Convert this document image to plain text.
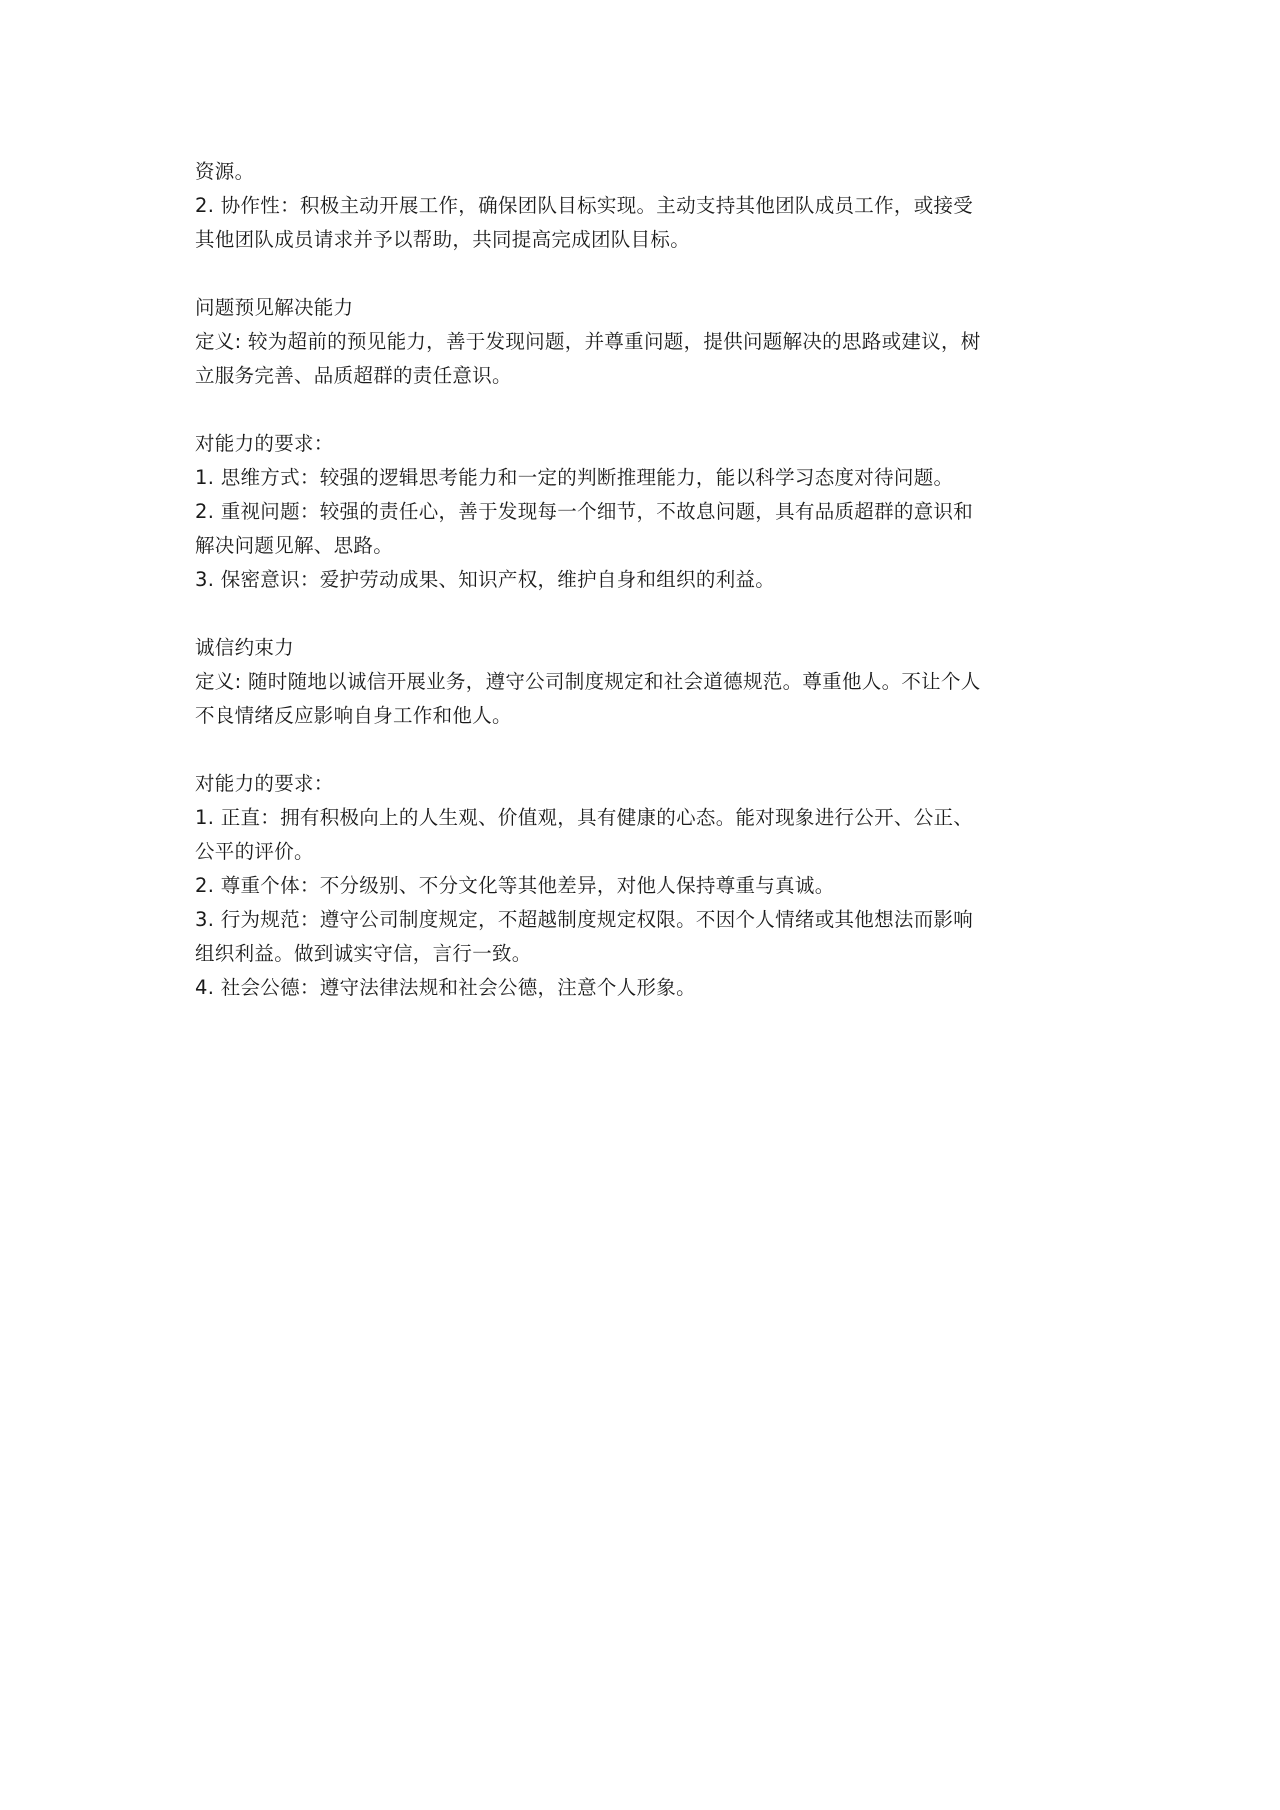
资源。
2. 协作性：积极主动开展工作，确保团队目标实现。主动支持其他团队成员工作，或接受
其他团队成员请求并予以帮助，共同提高完成团队目标。
问题预见解决能力
定义: 较为超前的预见能力，善于发现问题，并尊重问题，提供问题解决的思路或建议，树
立服务完善、品质超群的责任意识。
对能力的要求：
1. 思维方式：较强的逻辑思考能力和一定的判断推理能力，能以科学习态度对待问题。
2. 重视问题：较强的责任心，善于发现每一个细节，不故息问题，具有品质超群的意识和
解决问题见解、思路。
3. 保密意识：爱护劳动成果、知识产权，维护自身和组织的利益。
诚信约束力
定义: 随时随地以诚信开展业务，遵守公司制度规定和社会道德规范。尊重他人。不让个人
不良情绪反应影响自身工作和他人。
对能力的要求：
1. 正直：拥有积极向上的人生观、价值观，具有健康的心态。能对现象进行公开、公正、
公平的评价。
2. 尊重个体：不分级别、不分文化等其他差异，对他人保持尊重与真诚。
3. 行为规范：遵守公司制度规定，不超越制度规定权限。不因个人情绪或其他想法而影响
组织利益。做到诚实守信，言行一致。
4. 社会公德：遵守法律法规和社会公德，注意个人形象。
